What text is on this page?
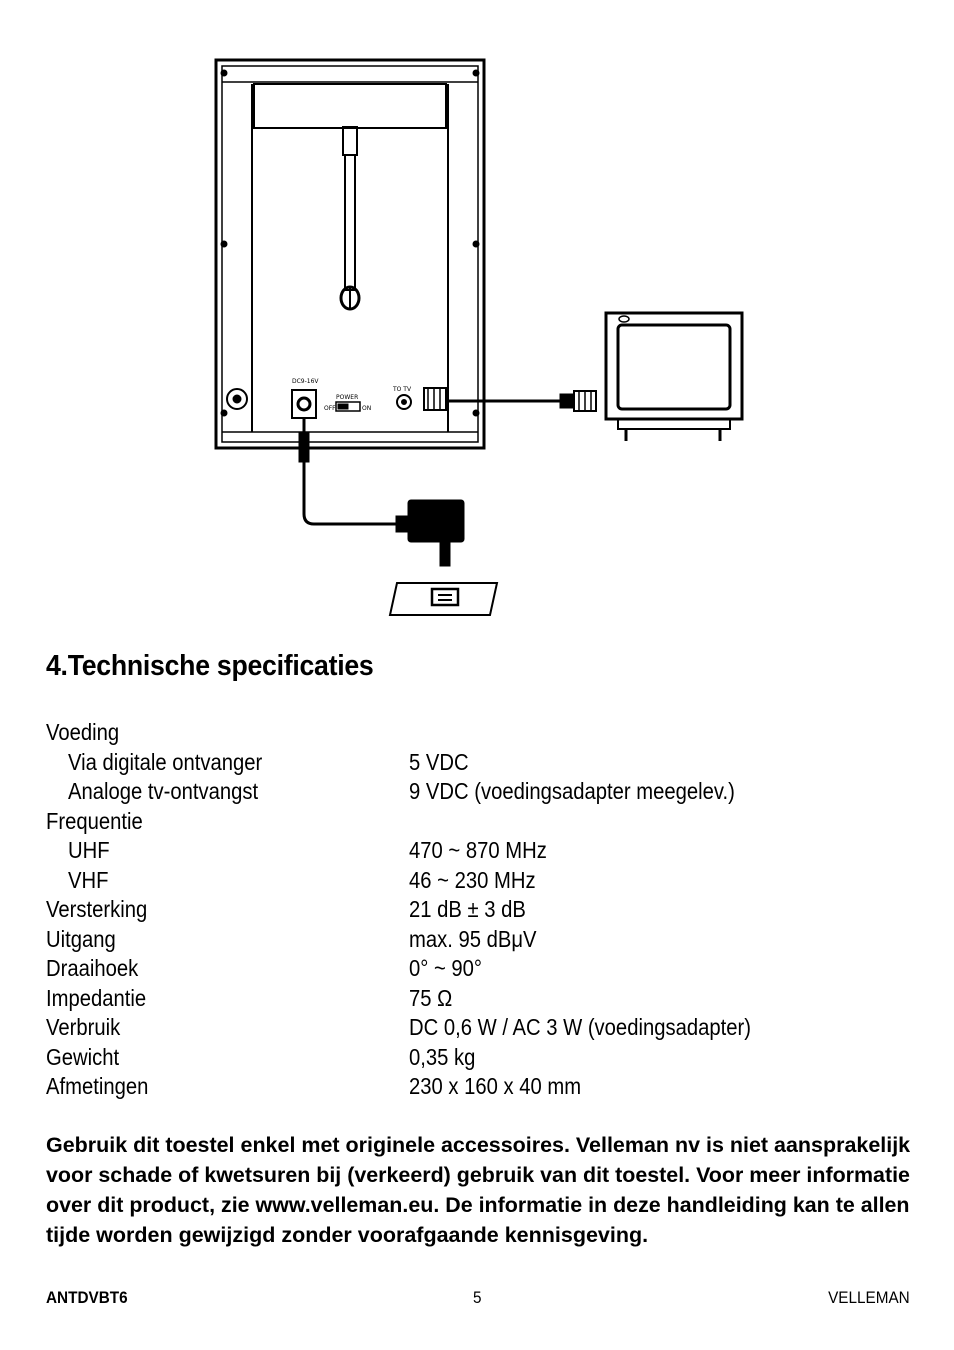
DC9-16V
POWER
OFF	ON
TO TV
4.Technische specificaties
Voeding
Via digitale ontvanger	5 VDC
Analoge tv-ontvangst	9 VDC (voedingsadapter meegelev.)
Frequentie
UHF	470 ~ 870 MHz
VHF	46 ~ 230 MHz
Versterking	21 dB ± 3 dB
Uitgang	max. 95 dBμV
Draaihoek	0° ~ 90°
Impedantie	75 Ω
Verbruik	DC 0,6 W / AC 3 W (voedingsadapter)
Gewicht	0,35 kg
Afmetingen	230 x 160 x 40 mm
Gebruik dit toestel enkel met originele accessoires. Velleman nv is niet aansprakelijk
voor schade of kwetsuren bij (verkeerd) gebruik van dit toestel. Voor meer informatie
over dit product, zie www.velleman.eu. De informatie in deze handleiding kan te allen
tijde worden gewijzigd zonder voorafgaande kennisgeving.
ANTDVBT6	5	VELLEMAN
